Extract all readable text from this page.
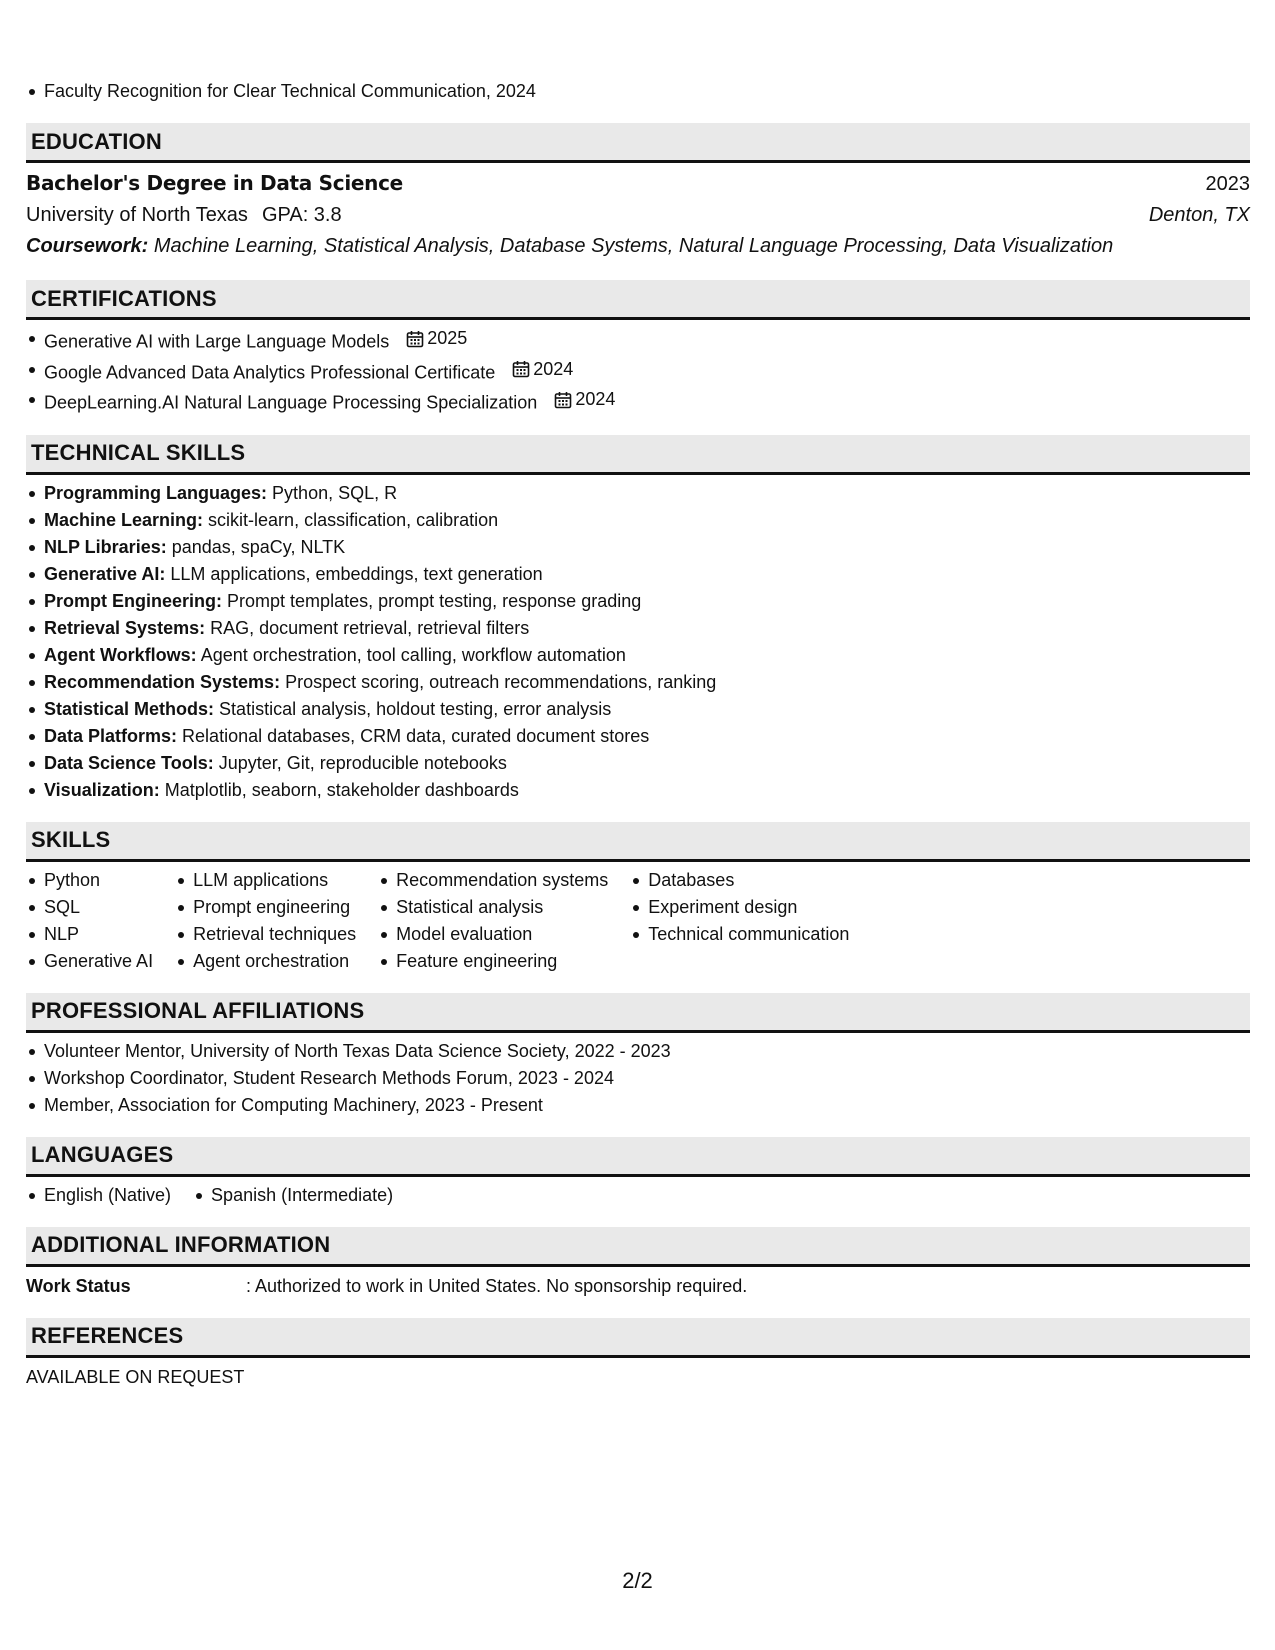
Faculty Recognition for Clear Technical Communication, 2024
EDUCATION
Bachelor's Degree in Data Science	2023
University of North Texas GPA: 3.8	Denton, TX
Coursework: Machine Learning, Statistical Analysis, Database Systems, Natural Language Processing, Data Visualization
CERTIFICATIONS
Generative AI with Large Language Models 2025
Google Advanced Data Analytics Professional Certificate 2024
DeepLearning.AI Natural Language Processing Specialization 2024
TECHNICAL SKILLS
Programming Languages: Python, SQL, R
Machine Learning: scikit-learn, classification, calibration
NLP Libraries: pandas, spaCy, NLTK
Generative AI: LLM applications, embeddings, text generation
Prompt Engineering: Prompt templates, prompt testing, response grading
Retrieval Systems: RAG, document retrieval, retrieval filters
Agent Workflows: Agent orchestration, tool calling, workflow automation
Recommendation Systems: Prospect scoring, outreach recommendations, ranking
Statistical Methods: Statistical analysis, holdout testing, error analysis
Data Platforms: Relational databases, CRM data, curated document stores
Data Science Tools: Jupyter, Git, reproducible notebooks
Visualization: Matplotlib, seaborn, stakeholder dashboards
SKILLS
Python
SQL
NLP
Generative AI
LLM applications
Prompt engineering
Retrieval techniques
Agent orchestration
Recommendation systems
Statistical analysis
Model evaluation
Feature engineering
Databases
Experiment design
Technical communication
PROFESSIONAL AFFILIATIONS
Volunteer Mentor, University of North Texas Data Science Society, 2022 - 2023
Workshop Coordinator, Student Research Methods Forum, 2023 - 2024
Member, Association for Computing Machinery, 2023 - Present
LANGUAGES
English (Native)	Spanish (Intermediate)
ADDITIONAL INFORMATION
Work Status	: Authorized to work in United States. No sponsorship required.
REFERENCES
AVAILABLE ON REQUEST
2/2
